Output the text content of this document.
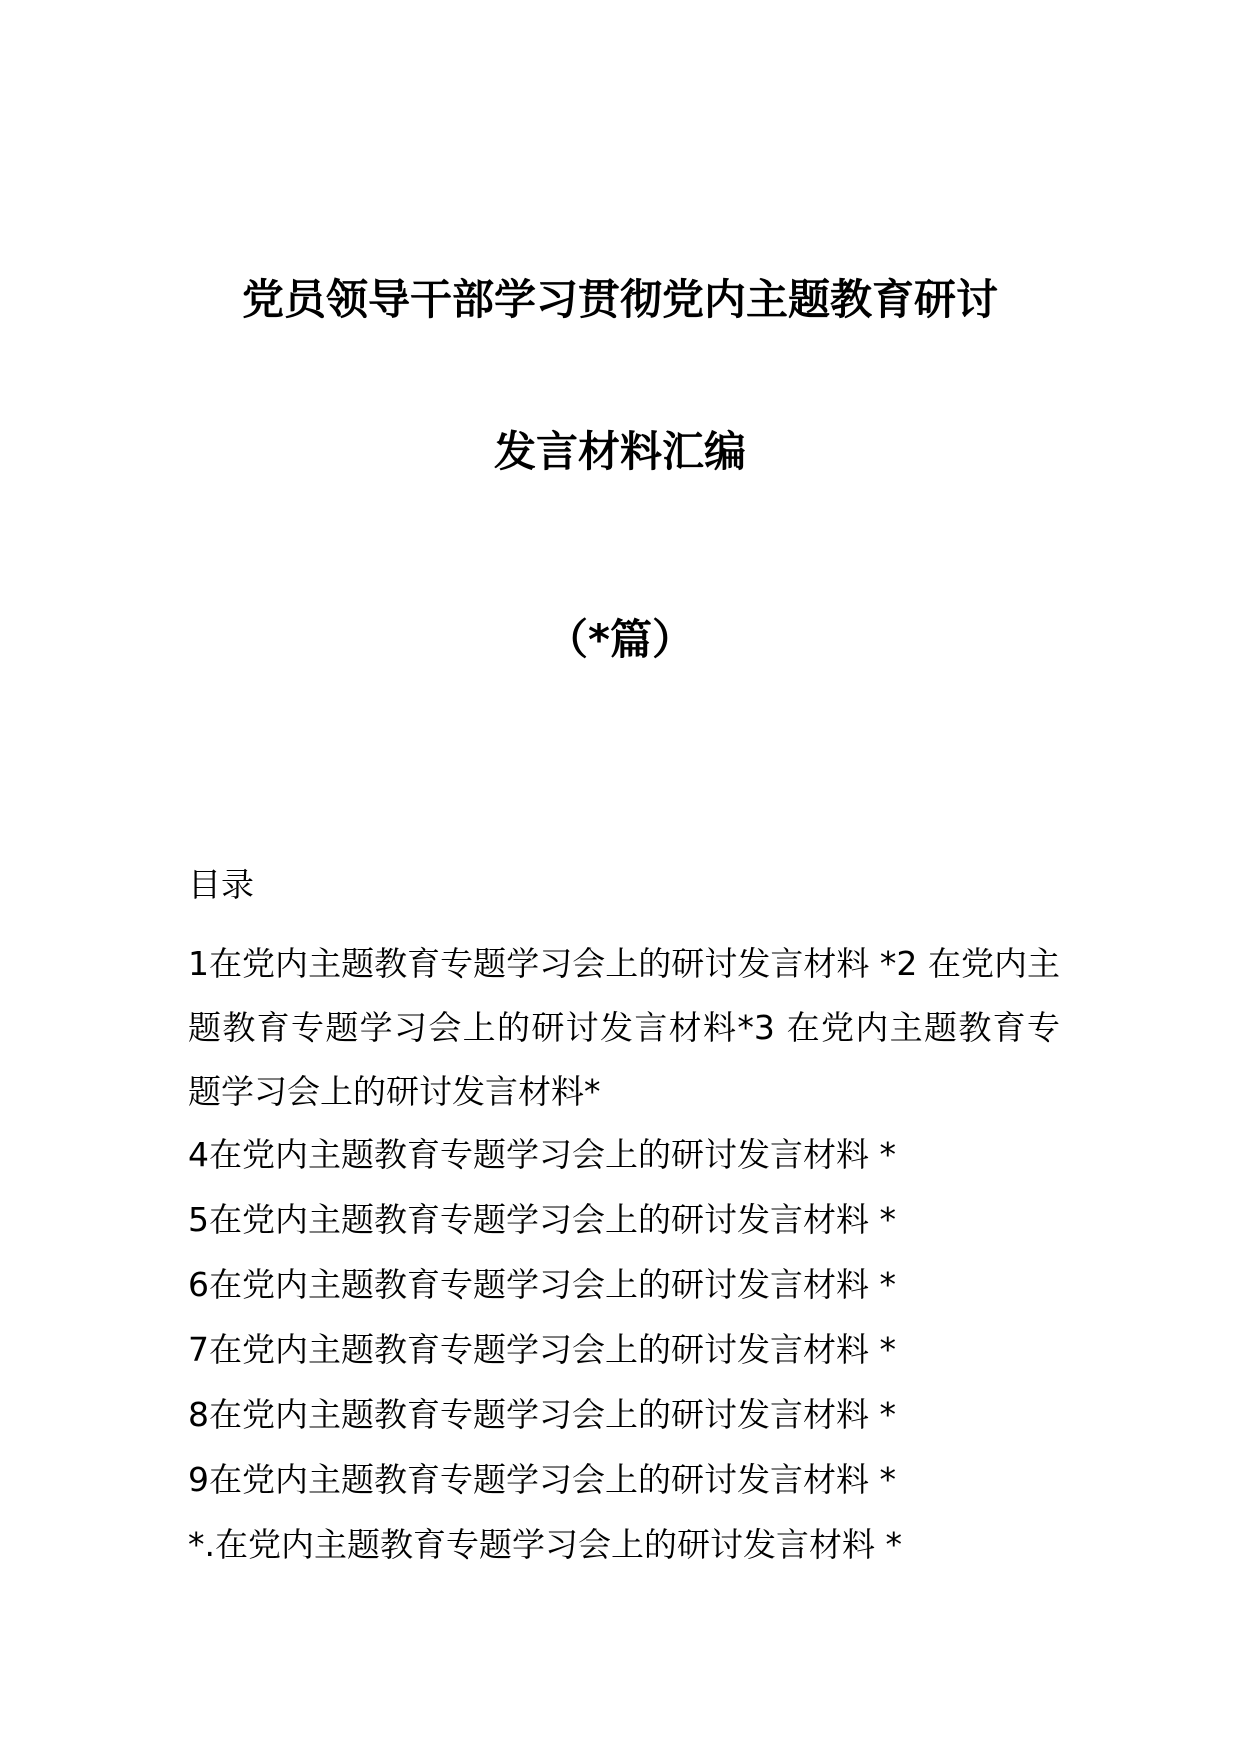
党员领导干部学习贯彻党内主题教育研讨
发言材料汇编
（*篇）
目录
1在党内主题教育专题学习会上的研讨发言材料 *2 在党内主题教育专题学习会上的研讨发言材料*3 在党内主题教育专题学习会上的研讨发言材料*
4在党内主题教育专题学习会上的研讨发言材料 *
5在党内主题教育专题学习会上的研讨发言材料 *
6在党内主题教育专题学习会上的研讨发言材料 *
7在党内主题教育专题学习会上的研讨发言材料 *
8在党内主题教育专题学习会上的研讨发言材料 *
9在党内主题教育专题学习会上的研讨发言材料 *
*.在党内主题教育专题学习会上的研讨发言材料 *
